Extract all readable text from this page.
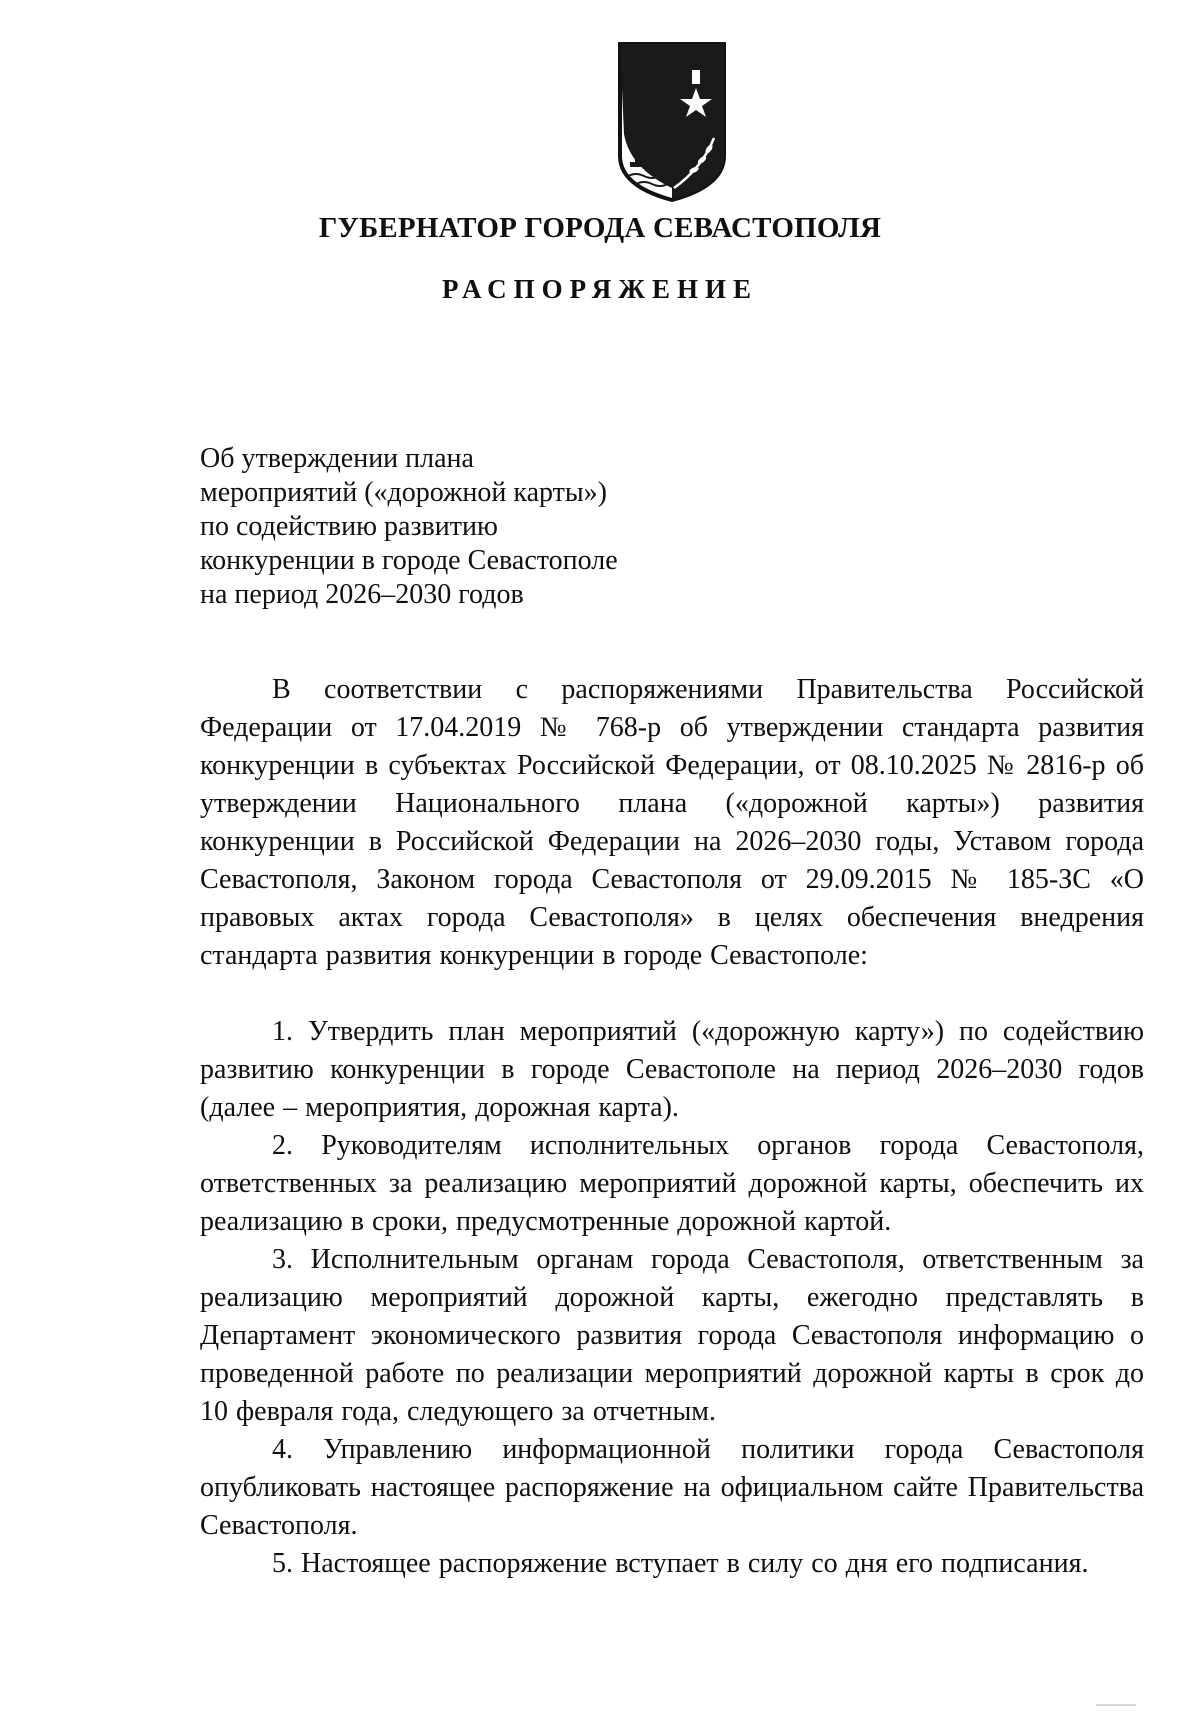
ГУБЕРНАТОР ГОРОДА СЕВАСТОПОЛЯ
РАСПОРЯЖЕНИЕ
Об утверждении плана
мероприятий («дорожной карты»)
по содействию развитию
конкуренции в городе Севастополе
на период 2026–2030 годов

В соответствии с распоряжениями Правительства Российской Федерации от 17.04.2019 № 768-р об утверждении стандарта развития конкуренции в субъектах Российской Федерации, от 08.10.2025 № 2816-р об утверждении Национального плана («дорожной карты») развития конкуренции в Российской Федерации на 2026–2030 годы, Уставом города Севастополя, Законом города Севастополя от 29.09.2015 № 185-ЗС «О правовых актах города Севастополя» в целях обеспечения внедрения стандарта развития конкуренции в городе Севастополе:

1. Утвердить план мероприятий («дорожную карту») по содействию развитию конкуренции в городе Севастополе на период 2026–2030 годов (далее – мероприятия, дорожная карта).

2. Руководителям исполнительных органов города Севастополя, ответственных за реализацию мероприятий дорожной карты, обеспечить их реализацию в сроки, предусмотренные дорожной картой.

3. Исполнительным органам города Севастополя, ответственным за реализацию мероприятий дорожной карты, ежегодно представлять в Департамент экономического развития города Севастополя информацию о проведенной работе по реализации мероприятий дорожной карты в срок до 10 февраля года, следующего за отчетным.

4. Управлению информационной политики города Севастополя опубликовать настоящее распоряжение на официальном сайте Правительства Севастополя.

5. Настоящее распоряжение вступает в силу со дня его подписания.
